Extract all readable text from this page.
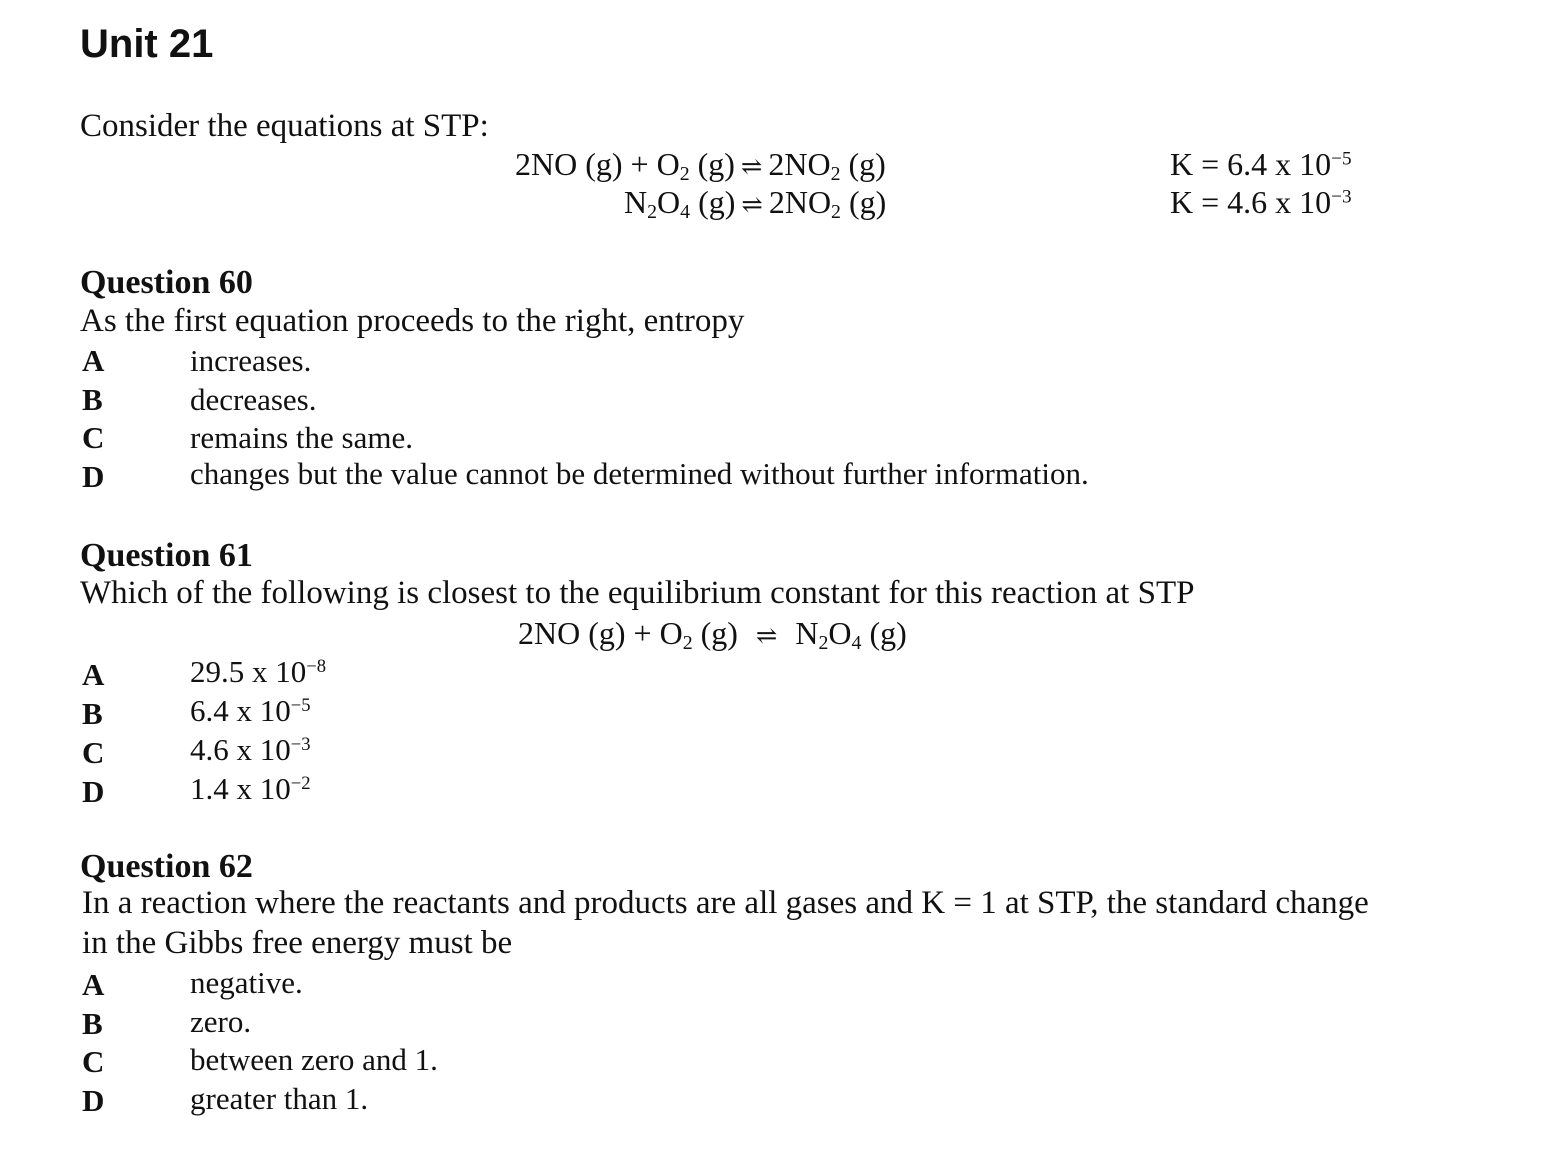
Unit 21
Consider the equations at STP:
2NO $(g) + O_2$ (g) ⇌ $2NO_2$ (g)	K = 6.4 x $10^{-5}$
$N_2O_4$ (g) ⇌ $2NO_2$ (g)	K = 4.6 x $10^{-3}$
Question 60
As the first equation proceeds to the right, entropy
A	increases.
B	decreases.
C	remains the same.
D	changes but the value cannot be determined without further information.
Question 61
Which of the following is closest to the equilibrium constant for this reaction at STP
2NO $(g) + O_2$ (g) ⇌ $N_2O_4$ (g)
A	29.5 x $10^{-8}$
B	6.4 x $10^{-5}$
C	4.6 x $10^{-3}$
D	1.4 x $10^{-2}$
Question 62
In a reaction where the reactants and products are all gases and K = 1 at STP, the standard change
in the Gibbs free energy must be
A	negative.
B	zero.
C	between zero and 1.
D	greater than 1.
